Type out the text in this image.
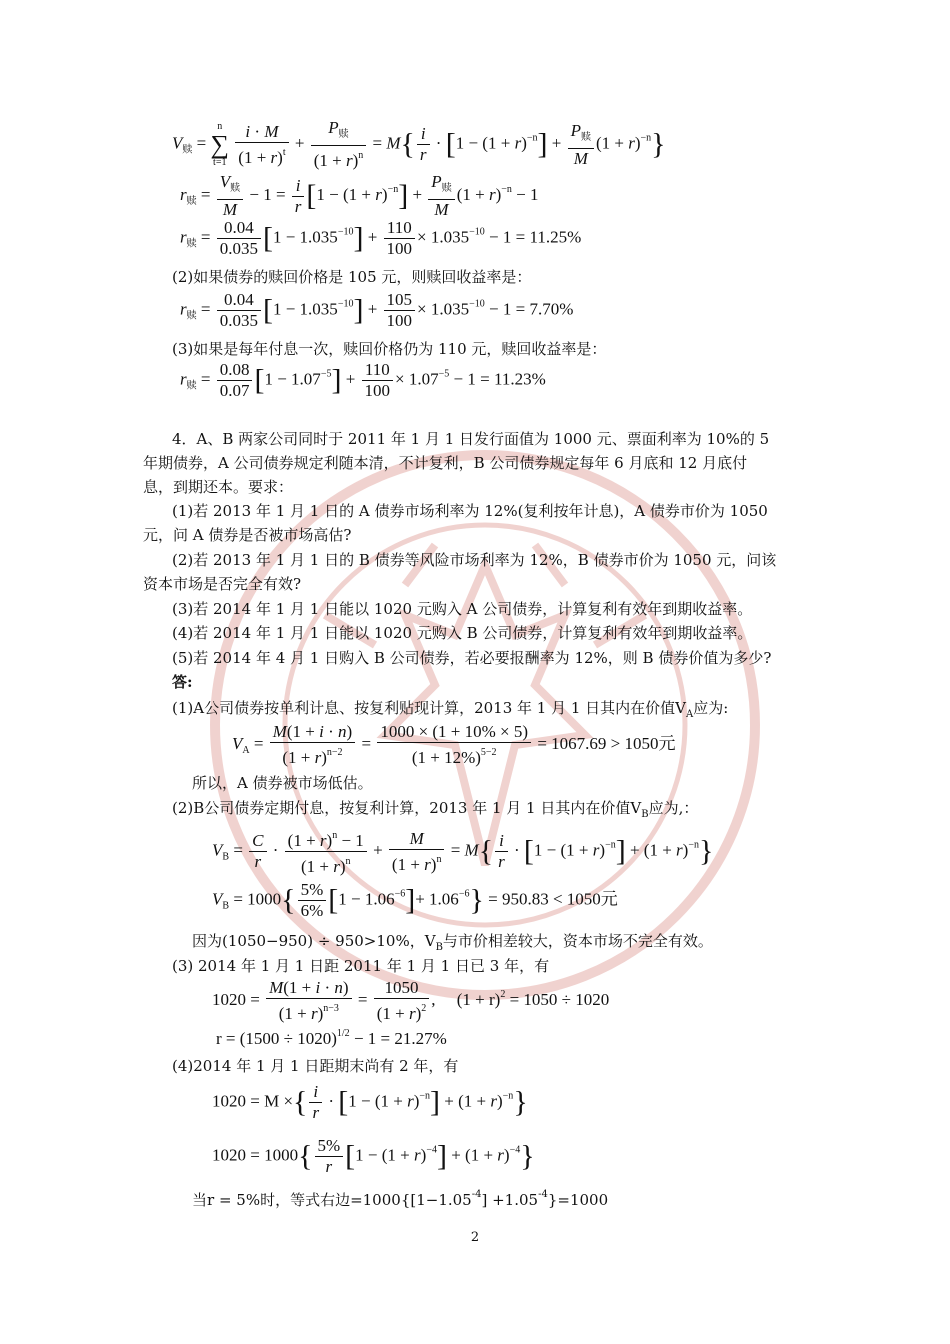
$V_赎 = n$
∑
$t=1 \frac{i \cdot M}{(1 + r)^t} + \frac{P_赎}{(1 + r)^n} = M\{ \frac{i}{r} \cdot [1 - (1 + r)^{-n}] + \frac{P_赎}{M} (1 + r)^{-n}\}$
$r_赎 = \frac{V_赎}{M} - 1 = \frac{i}{r} [1 - (1 + r)^{-n}] + \frac{P_赎}{M} (1 + r)^{-n} - 1$
$r_赎 = \frac{0.04}{0.035} [1 - 1.035^{-10}] + \frac{110}{100} \times 1.035^{-10} - 1 = 11.25\%$
(2)如果债券的赎回价格是 105 元，则赎回收益率是：
$r_赎 = \frac{0.04}{0.035} [1 - 1.035^{-10}] + \frac{105}{100} \times 1.035^{-10} - 1 = 7.70\%$
(3)如果是每年付息一次，赎回价格仍为 110 元，赎回收益率是：
$r_赎 = \frac{0.08}{0.07} [1 - 1.07^{-5}] + \frac{110}{100} \times 1.07^{-5} - 1 = 11.23\%$
4．A、B 两家公司同时于 2011 年 1 月 1 日发行面值为 1000 元、票面利率为 10%的 5
年期债券，A 公司债券规定利随本清，不计复利，B 公司债券规定每年 6 月底和 12 月底付
息，到期还本。要求：
(1)若 2013 年 1 月 1 日的 A 债券市场利率为 12%(复利按年计息)，A 债券市价为 1050
元，问 A 债券是否被市场高估?
(2)若 2013 年 1 月 1 日的 B 债券等风险市场利率为 12%，B 债券市价为 1050 元，问该
资本市场是否完全有效?
(3)若 2014 年 1 月 1 日能以 1020 元购入 A 公司债券，计算复利有效年到期收益率。
(4)若 2014 年 1 月 1 日能以 1020 元购入 B 公司债券，计算复利有效年到期收益率。
(5)若 2014 年 4 月 1 日购入 B 公司债券，若必要报酬率为 12%，则 B 债券价值为多少?
答:
(1)A公司债券按单利计息、按复利贴现计算，2013 年 1 月 1 日其内在价值$V_A$应为:
$V_A = \frac{M(1 + i \cdot n)}{(1 + r)^{n-2}} = \frac{1000 \times (1 + 10\% \times 5)}{(1 + 12\%)^{5-2}} = 1067.69 > 1050$元
所以，A 债券被市场低估。
(2)B公司债券定期付息，按复利计算，2013 年 1 月 1 日其内在价值$V_B$应为,：
$V_B = \frac{C}{r} \cdot \frac{(1 + r)^n - 1}{(1 + r)^n} + \frac{M}{(1 + r)^n} = M\{ \frac{i}{r} \cdot [1 - (1 + r)^{-n}] + (1 + r)^{-n}\}$
$V_B = 1000\{ \frac{5\%}{6\%} [1 - 1.06^{-6}]+ 1.06^{-6}\} = 950.83 < 1050$元
因为(1050−950) ÷ 950>10%，$V_B$与市价相差较大，资本市场不完全有效。
(3) 2014 年 1 月 1 日距 2011 年 1 月 1 日已 3 年，有
$1020 = \frac{M(1 + i \cdot n)}{(1 + r)^{n-3}} = \frac{1050}{(1 + r)^2}$ ,     $(1 + r)^2 = 1050 \div 1020$
$r = (1500 \div 1020)^{1/2} - 1 = 21.27\%$
(4)2014 年 1 月 1 日距期末尚有 2 年，有
1020 = M ×{ $\frac{i}{r} \cdot [1 - (1 + r)^{-n}] + (1 + r)^{-n}$}
$1020 = 1000\{ \frac{5\%}{r} [1 - (1 + r)^{-4}] + (1 + r)^{-4}\}$
当r = 5%时，等式右边$=1000\{[1-1.05^{-4}] +1.05^{-4}\}=1000$
2
